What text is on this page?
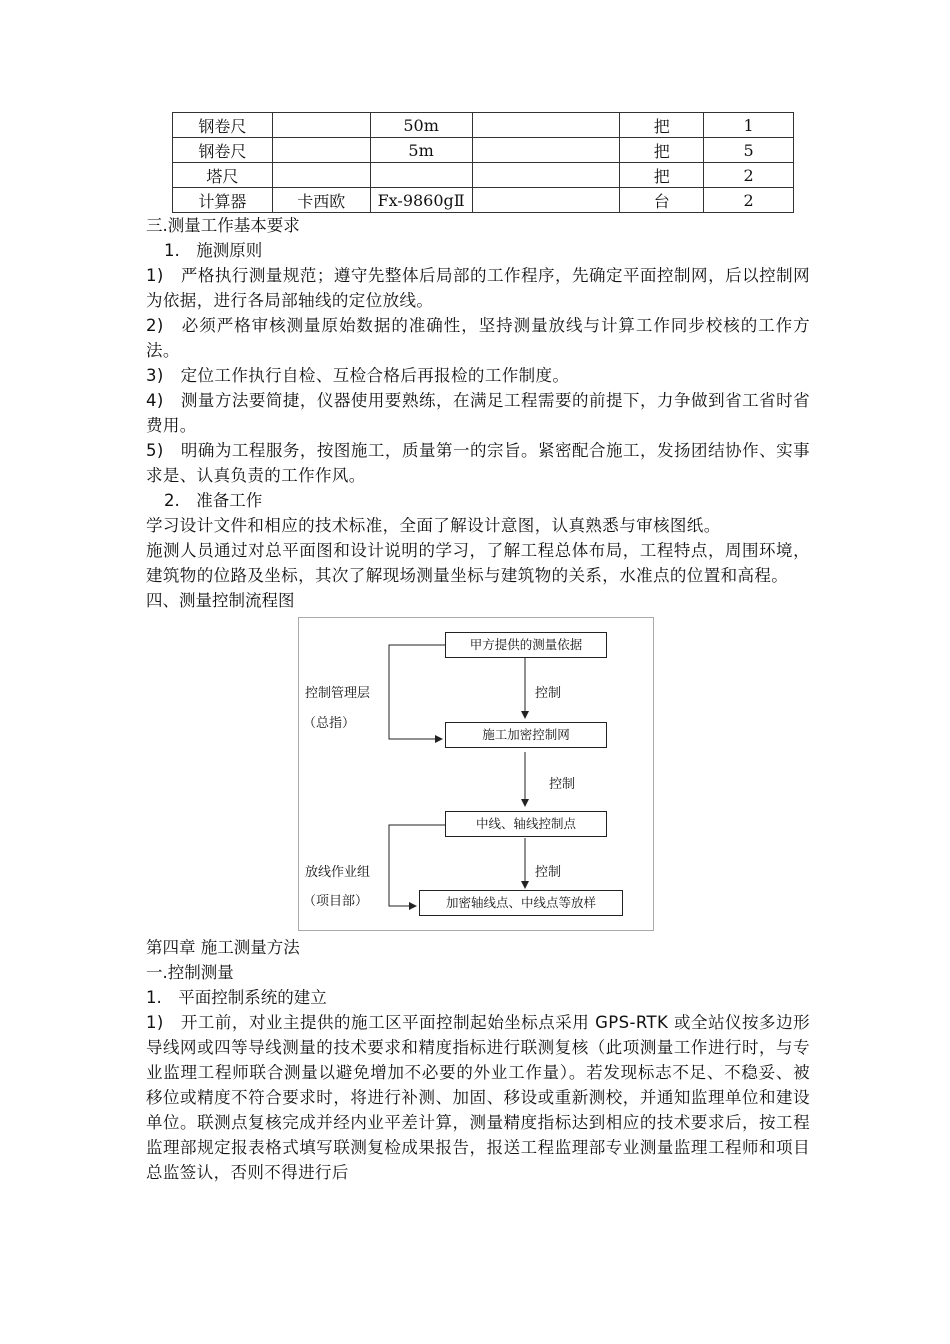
钢卷尺		50m		把	1
钢卷尺		5m		把	5
塔尺				把	2
计算器	卡西欧	Fx-9860gⅡ		台	2

三.测量工作基本要求

1.　施测原则

1)　严格执行测量规范；遵守先整体后局部的工作程序，先确定平面控制网，后以控制网为依据，进行各局部轴线的定位放线。

2)　必须严格审核测量原始数据的准确性，坚持测量放线与计算工作同步校核的工作方法。

3)　定位工作执行自检、互检合格后再报检的工作制度。

4)　测量方法要简捷，仪器使用要熟练，在满足工程需要的前提下，力争做到省工省时省费用。

5)　明确为工程服务，按图施工，质量第一的宗旨。紧密配合施工，发扬团结协作、实事求是、认真负责的工作作风。

2.　准备工作

学习设计文件和相应的技术标准，全面了解设计意图，认真熟悉与审核图纸。

施测人员通过对总平面图和设计说明的学习，了解工程总体布局，工程特点，周围环境，建筑物的位路及坐标，其次了解现场测量坐标与建筑物的关系，水准点的位置和高程。

四、测量控制流程图

甲方提供的测量依据
施工加密控制网
中线、轴线控制点
加密轴线点、中线点等放样
控制
控制
控制
控制管理层
（总指）
放线作业组
（项目部）

第四章 施工测量方法

一.控制测量

1.　平面控制系统的建立

1)　开工前，对业主提供的施工区平面控制起始坐标点采用 GPS-RTK 或全站仪按多边形导线网或四等导线测量的技术要求和精度指标进行联测复核（此项测量工作进行时，与专业监理工程师联合测量以避免增加不必要的外业工作量）。若发现标志不足、不稳妥、被移位或精度不符合要求时，将进行补测、加固、移设或重新测校，并通知监理单位和建设单位。联测点复核完成并经内业平差计算，测量精度指标达到相应的技术要求后，按工程监理部规定报表格式填写联测复检成果报告，报送工程监理部专业测量监理工程师和项目总监签认，否则不得进行后
